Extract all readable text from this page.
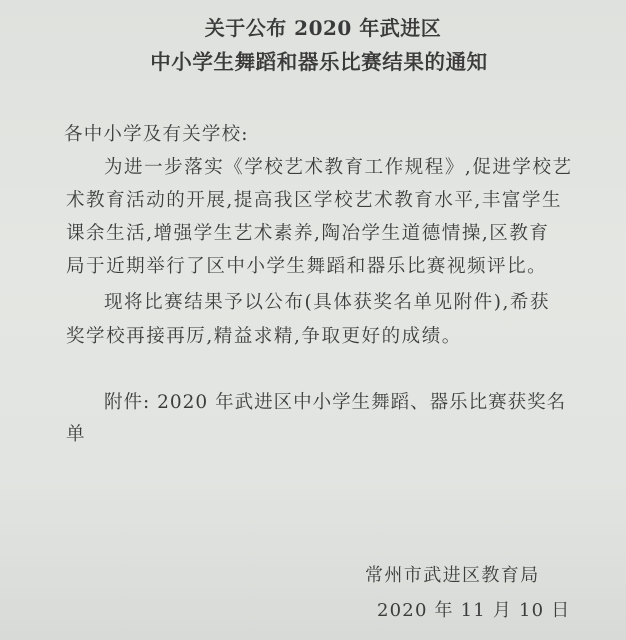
关于公布 2020 年武进区
中小学生舞蹈和器乐比赛结果的通知
各中小学及有关学校:
为进一步落实《学校艺术教育工作规程》,促进学校艺
术教育活动的开展,提高我区学校艺术教育水平,丰富学生
课余生活,增强学生艺术素养,陶冶学生道德情操,区教育
局于近期举行了区中小学生舞蹈和器乐比赛视频评比。
现将比赛结果予以公布(具体获奖名单见附件),希获
奖学校再接再厉,精益求精,争取更好的成绩。
附件: 2020 年武进区中小学生舞蹈、器乐比赛获奖名
单
常州市武进区教育局
2020 年 11 月 10 日
